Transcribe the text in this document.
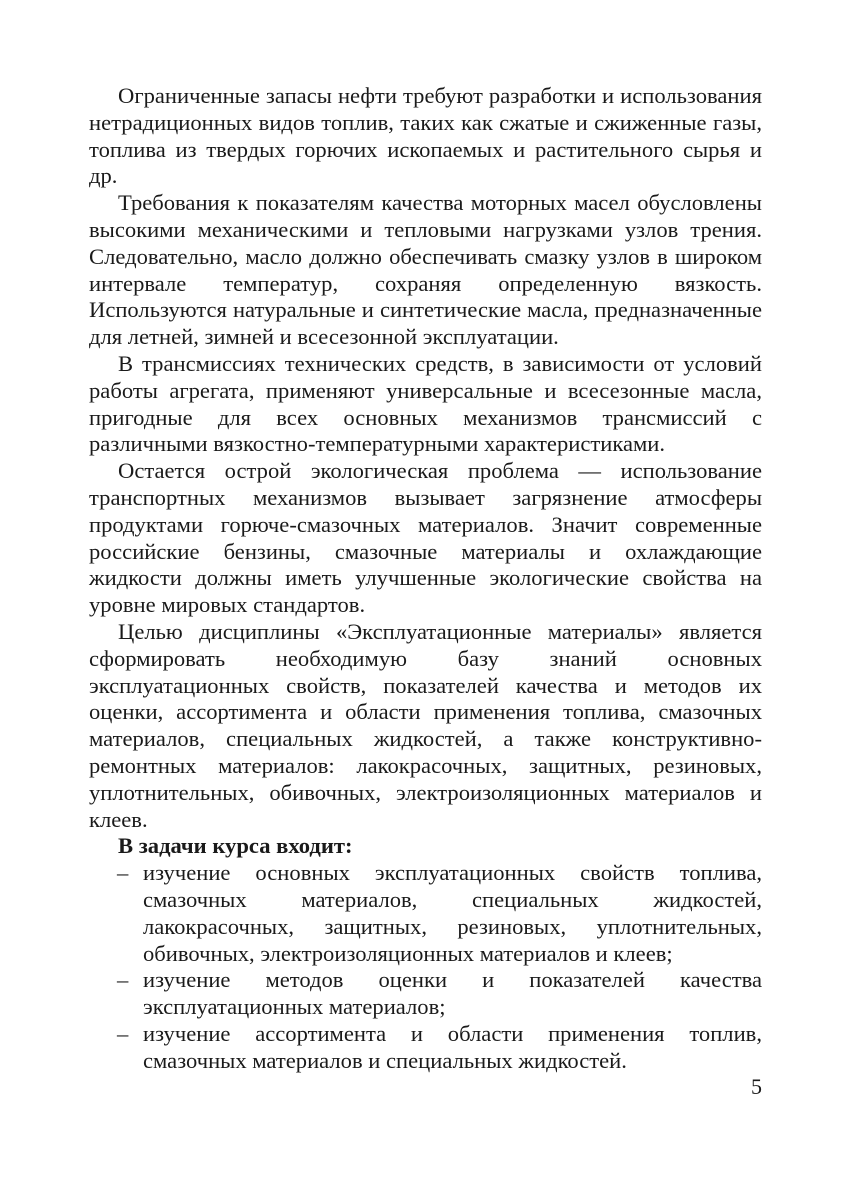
Ограниченные запасы нефти требуют разработки и использования нетрадиционных видов топлив, таких как сжатые и сжиженные газы, топлива из твердых горючих ископаемых и растительного сырья и др.

Требования к показателям качества моторных масел обусловлены высокими механическими и тепловыми нагрузками узлов трения. Следовательно, масло должно обеспечивать смазку узлов в широком интервале температур, сохраняя определенную вязкость. Используются натуральные и синтетические масла, предназначенные для летней, зимней и всесезонной эксплуатации.

В трансмиссиях технических средств, в зависимости от условий работы агрегата, применяют универсальные и всесезонные масла, пригодные для всех основных механизмов трансмиссий с различными вязкостно-температурными характеристиками.

Остается острой экологическая проблема — использование транспортных механизмов вызывает загрязнение атмосферы продуктами горюче-смазочных материалов. Значит современные российские бензины, смазочные материалы и охлаждающие жидкости должны иметь улучшенные экологические свойства на уровне мировых стандартов.

Целью дисциплины «Эксплуатационные материалы» является сформировать необходимую базу знаний основных эксплуатационных свойств, показателей качества и методов их оценки, ассортимента и области применения топлива, смазочных материалов, специальных жидкостей, а также конструктивно-ремонтных материалов: лакокрасочных, защитных, резиновых, уплотнительных, обивочных, электроизоляционных материалов и клеев.

В задачи курса входит:

– изучение основных эксплуатационных свойств топлива, смазочных материалов, специальных жидкостей, лакокрасочных, защитных, резиновых, уплотнительных, обивочных, электроизоляционных материалов и клеев;
– изучение методов оценки и показателей качества эксплуатационных материалов;
– изучение ассортимента и области применения топлив, смазочных материалов и специальных жидкостей.
5
